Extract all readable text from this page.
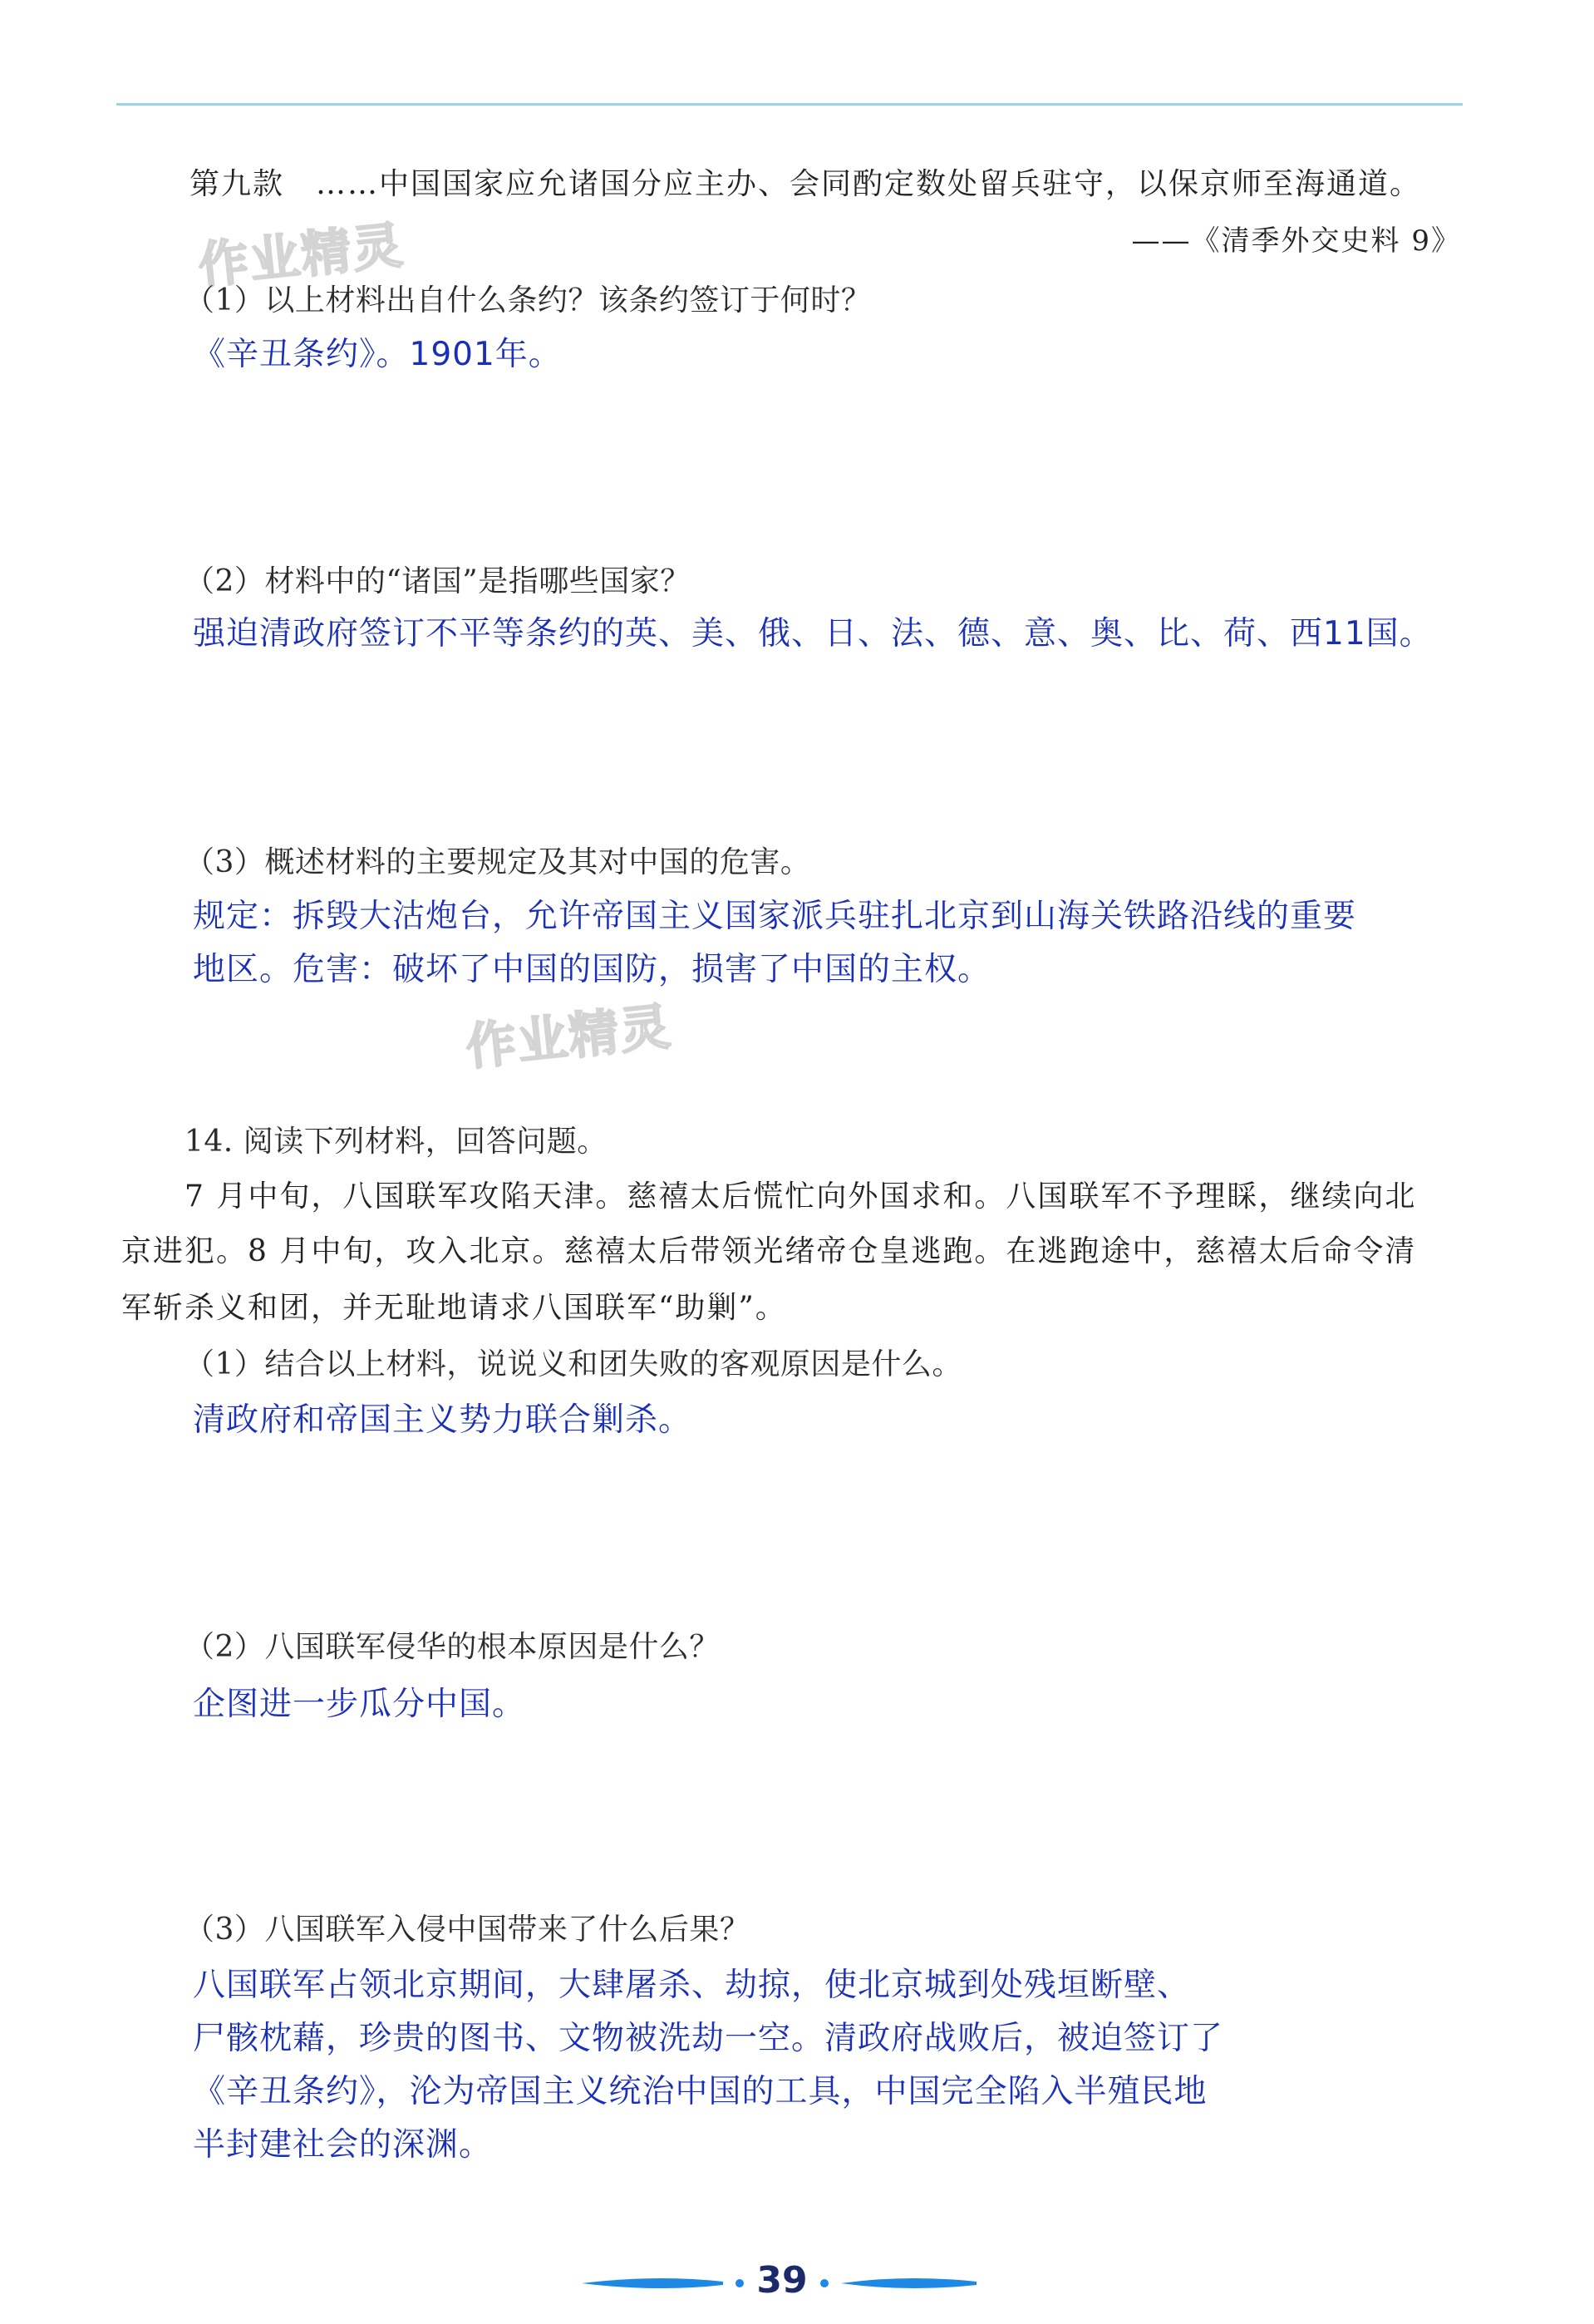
作业精灵
作业精灵
第九款　……中国国家应允诸国分应主办、会同酌定数处留兵驻守，以保京师至海通道。
——《清季外交史料 9》
（1）以上材料出自什么条约？该条约签订于何时？
《辛丑条约》。1901年。
（2）材料中的“诸国”是指哪些国家？
强迫清政府签订不平等条约的英、美、俄、日、法、德、意、奥、比、荷、西11国。
（3）概述材料的主要规定及其对中国的危害。
规定：拆毁大沽炮台，允许帝国主义国家派兵驻扎北京到山海关铁路沿线的重要
地区。危害：破坏了中国的国防，损害了中国的主权。
14. 阅读下列材料，回答问题。
7 月中旬，八国联军攻陷天津。慈禧太后慌忙向外国求和。八国联军不予理睬，继续向北
京进犯。8 月中旬，攻入北京。慈禧太后带领光绪帝仓皇逃跑。在逃跑途中，慈禧太后命令清
军斩杀义和团，并无耻地请求八国联军“助剿”。
（1）结合以上材料，说说义和团失败的客观原因是什么。
清政府和帝国主义势力联合剿杀。
（2）八国联军侵华的根本原因是什么？
企图进一步瓜分中国。
（3）八国联军入侵中国带来了什么后果？
八国联军占领北京期间，大肆屠杀、劫掠，使北京城到处残垣断壁、
尸骸枕藉，珍贵的图书、文物被洗劫一空。清政府战败后，被迫签订了
《辛丑条约》，沦为帝国主义统治中国的工具，中国完全陷入半殖民地
半封建社会的深渊。
39
